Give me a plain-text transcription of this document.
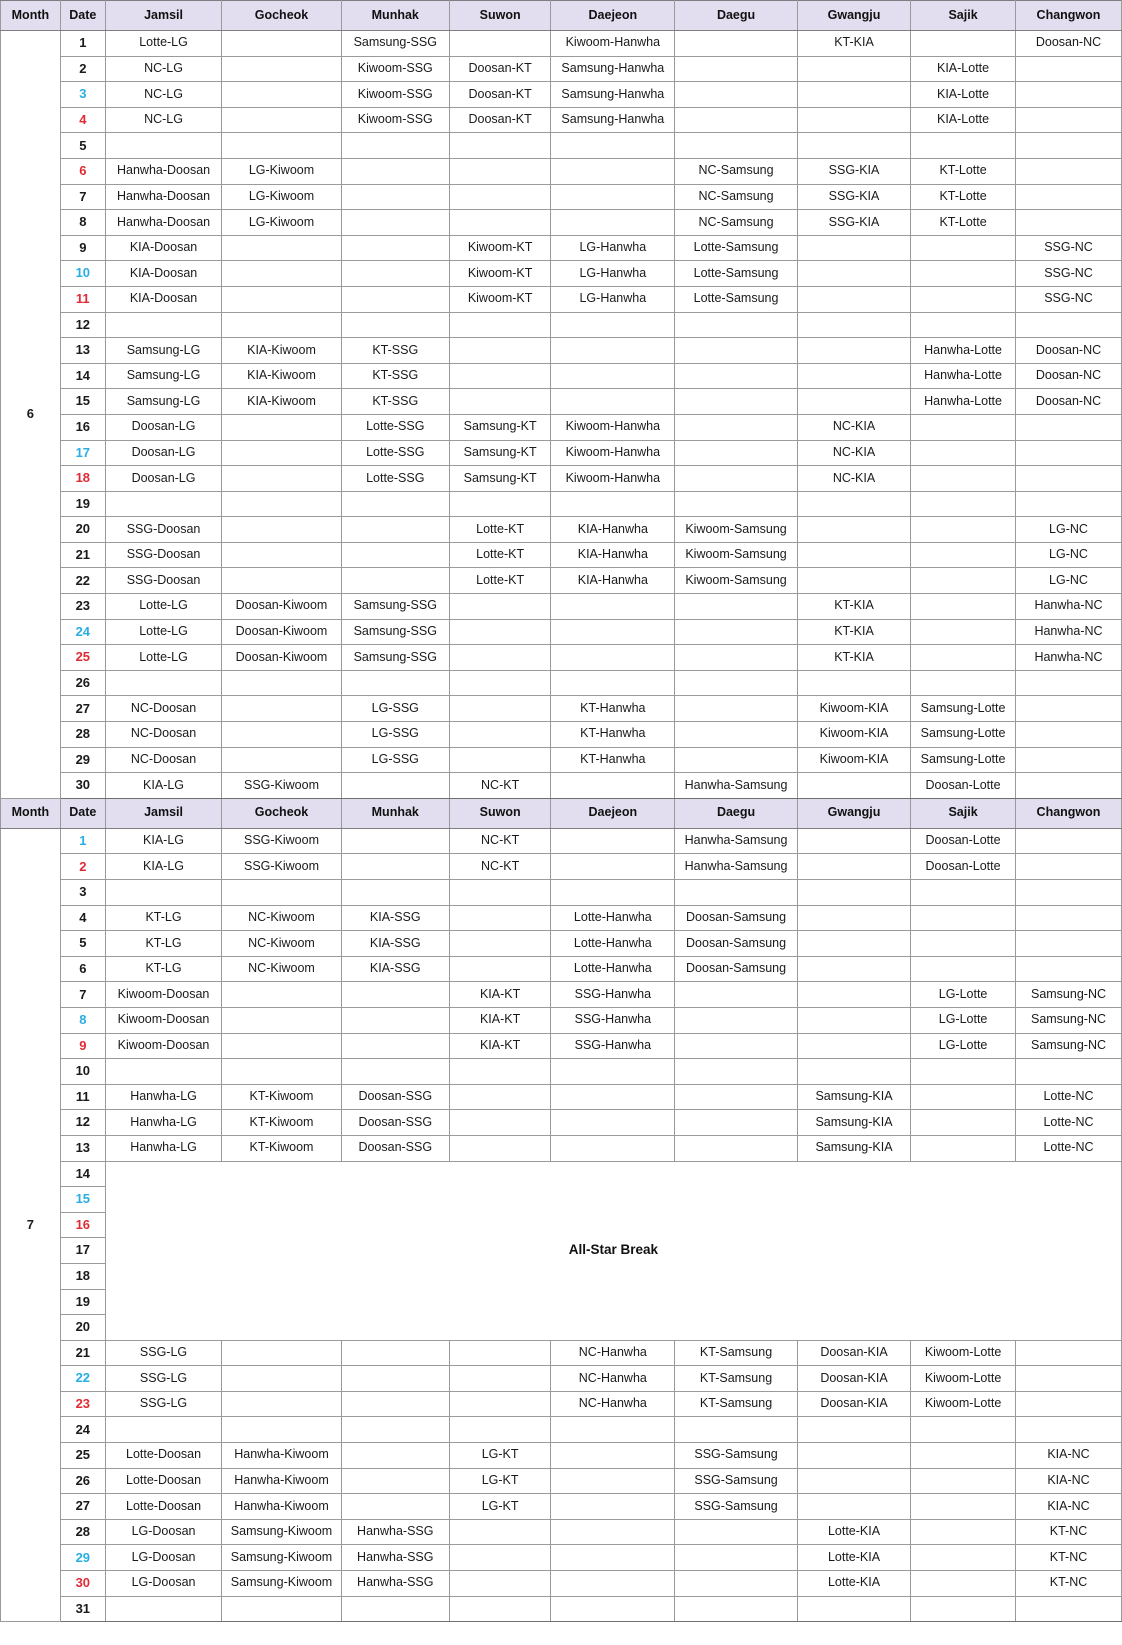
Month	Date	Jamsil	Gocheok	Munhak	Suwon	Daejeon	Daegu	Gwangju	Sajik	Changwon
6	1	Lotte-LG		Samsung-SSG		Kiwoom-Hanwha		KT-KIA		Doosan-NC
	2	NC-LG		Kiwoom-SSG	Doosan-KT	Samsung-Hanwha			KIA-Lotte	
	3	NC-LG		Kiwoom-SSG	Doosan-KT	Samsung-Hanwha			KIA-Lotte	
	4	NC-LG		Kiwoom-SSG	Doosan-KT	Samsung-Hanwha			KIA-Lotte	
	5									
	6	Hanwha-Doosan	LG-Kiwoom				NC-Samsung	SSG-KIA	KT-Lotte	
	7	Hanwha-Doosan	LG-Kiwoom				NC-Samsung	SSG-KIA	KT-Lotte	
	8	Hanwha-Doosan	LG-Kiwoom				NC-Samsung	SSG-KIA	KT-Lotte	
	9	KIA-Doosan			Kiwoom-KT	LG-Hanwha	Lotte-Samsung			SSG-NC
	10	KIA-Doosan			Kiwoom-KT	LG-Hanwha	Lotte-Samsung			SSG-NC
	11	KIA-Doosan			Kiwoom-KT	LG-Hanwha	Lotte-Samsung			SSG-NC
	12									
	13	Samsung-LG	KIA-Kiwoom	KT-SSG					Hanwha-Lotte	Doosan-NC
	14	Samsung-LG	KIA-Kiwoom	KT-SSG					Hanwha-Lotte	Doosan-NC
	15	Samsung-LG	KIA-Kiwoom	KT-SSG					Hanwha-Lotte	Doosan-NC
	16	Doosan-LG		Lotte-SSG	Samsung-KT	Kiwoom-Hanwha		NC-KIA		
	17	Doosan-LG		Lotte-SSG	Samsung-KT	Kiwoom-Hanwha		NC-KIA		
	18	Doosan-LG		Lotte-SSG	Samsung-KT	Kiwoom-Hanwha		NC-KIA		
	19									
	20	SSG-Doosan			Lotte-KT	KIA-Hanwha	Kiwoom-Samsung			LG-NC
	21	SSG-Doosan			Lotte-KT	KIA-Hanwha	Kiwoom-Samsung			LG-NC
	22	SSG-Doosan			Lotte-KT	KIA-Hanwha	Kiwoom-Samsung			LG-NC
	23	Lotte-LG	Doosan-Kiwoom	Samsung-SSG				KT-KIA		Hanwha-NC
	24	Lotte-LG	Doosan-Kiwoom	Samsung-SSG				KT-KIA		Hanwha-NC
	25	Lotte-LG	Doosan-Kiwoom	Samsung-SSG				KT-KIA		Hanwha-NC
	26									
	27	NC-Doosan		LG-SSG		KT-Hanwha		Kiwoom-KIA	Samsung-Lotte	
	28	NC-Doosan		LG-SSG		KT-Hanwha		Kiwoom-KIA	Samsung-Lotte	
	29	NC-Doosan		LG-SSG		KT-Hanwha		Kiwoom-KIA	Samsung-Lotte	
	30	KIA-LG	SSG-Kiwoom		NC-KT		Hanwha-Samsung		Doosan-Lotte	
Month	Date	Jamsil	Gocheok	Munhak	Suwon	Daejeon	Daegu	Gwangju	Sajik	Changwon
7	1	KIA-LG	SSG-Kiwoom		NC-KT		Hanwha-Samsung		Doosan-Lotte	
	2	KIA-LG	SSG-Kiwoom		NC-KT		Hanwha-Samsung		Doosan-Lotte	
	3									
	4	KT-LG	NC-Kiwoom	KIA-SSG		Lotte-Hanwha	Doosan-Samsung			
	5	KT-LG	NC-Kiwoom	KIA-SSG		Lotte-Hanwha	Doosan-Samsung			
	6	KT-LG	NC-Kiwoom	KIA-SSG		Lotte-Hanwha	Doosan-Samsung			
	7	Kiwoom-Doosan			KIA-KT	SSG-Hanwha			LG-Lotte	Samsung-NC
	8	Kiwoom-Doosan			KIA-KT	SSG-Hanwha			LG-Lotte	Samsung-NC
	9	Kiwoom-Doosan			KIA-KT	SSG-Hanwha			LG-Lotte	Samsung-NC
	10									
	11	Hanwha-LG	KT-Kiwoom	Doosan-SSG				Samsung-KIA		Lotte-NC
	12	Hanwha-LG	KT-Kiwoom	Doosan-SSG				Samsung-KIA		Lotte-NC
	13	Hanwha-LG	KT-Kiwoom	Doosan-SSG				Samsung-KIA		Lotte-NC
	14	All-Star Break								
	15									
	16									
	17									
	18									
	19									
	20									
	21	SSG-LG				NC-Hanwha	KT-Samsung	Doosan-KIA	Kiwoom-Lotte	
	22	SSG-LG				NC-Hanwha	KT-Samsung	Doosan-KIA	Kiwoom-Lotte	
	23	SSG-LG				NC-Hanwha	KT-Samsung	Doosan-KIA	Kiwoom-Lotte	
	24									
	25	Lotte-Doosan	Hanwha-Kiwoom		LG-KT		SSG-Samsung			KIA-NC
	26	Lotte-Doosan	Hanwha-Kiwoom		LG-KT		SSG-Samsung			KIA-NC
	27	Lotte-Doosan	Hanwha-Kiwoom		LG-KT		SSG-Samsung			KIA-NC
	28	LG-Doosan	Samsung-Kiwoom	Hanwha-SSG				Lotte-KIA		KT-NC
	29	LG-Doosan	Samsung-Kiwoom	Hanwha-SSG				Lotte-KIA		KT-NC
	30	LG-Doosan	Samsung-Kiwoom	Hanwha-SSG				Lotte-KIA		KT-NC
	31									
